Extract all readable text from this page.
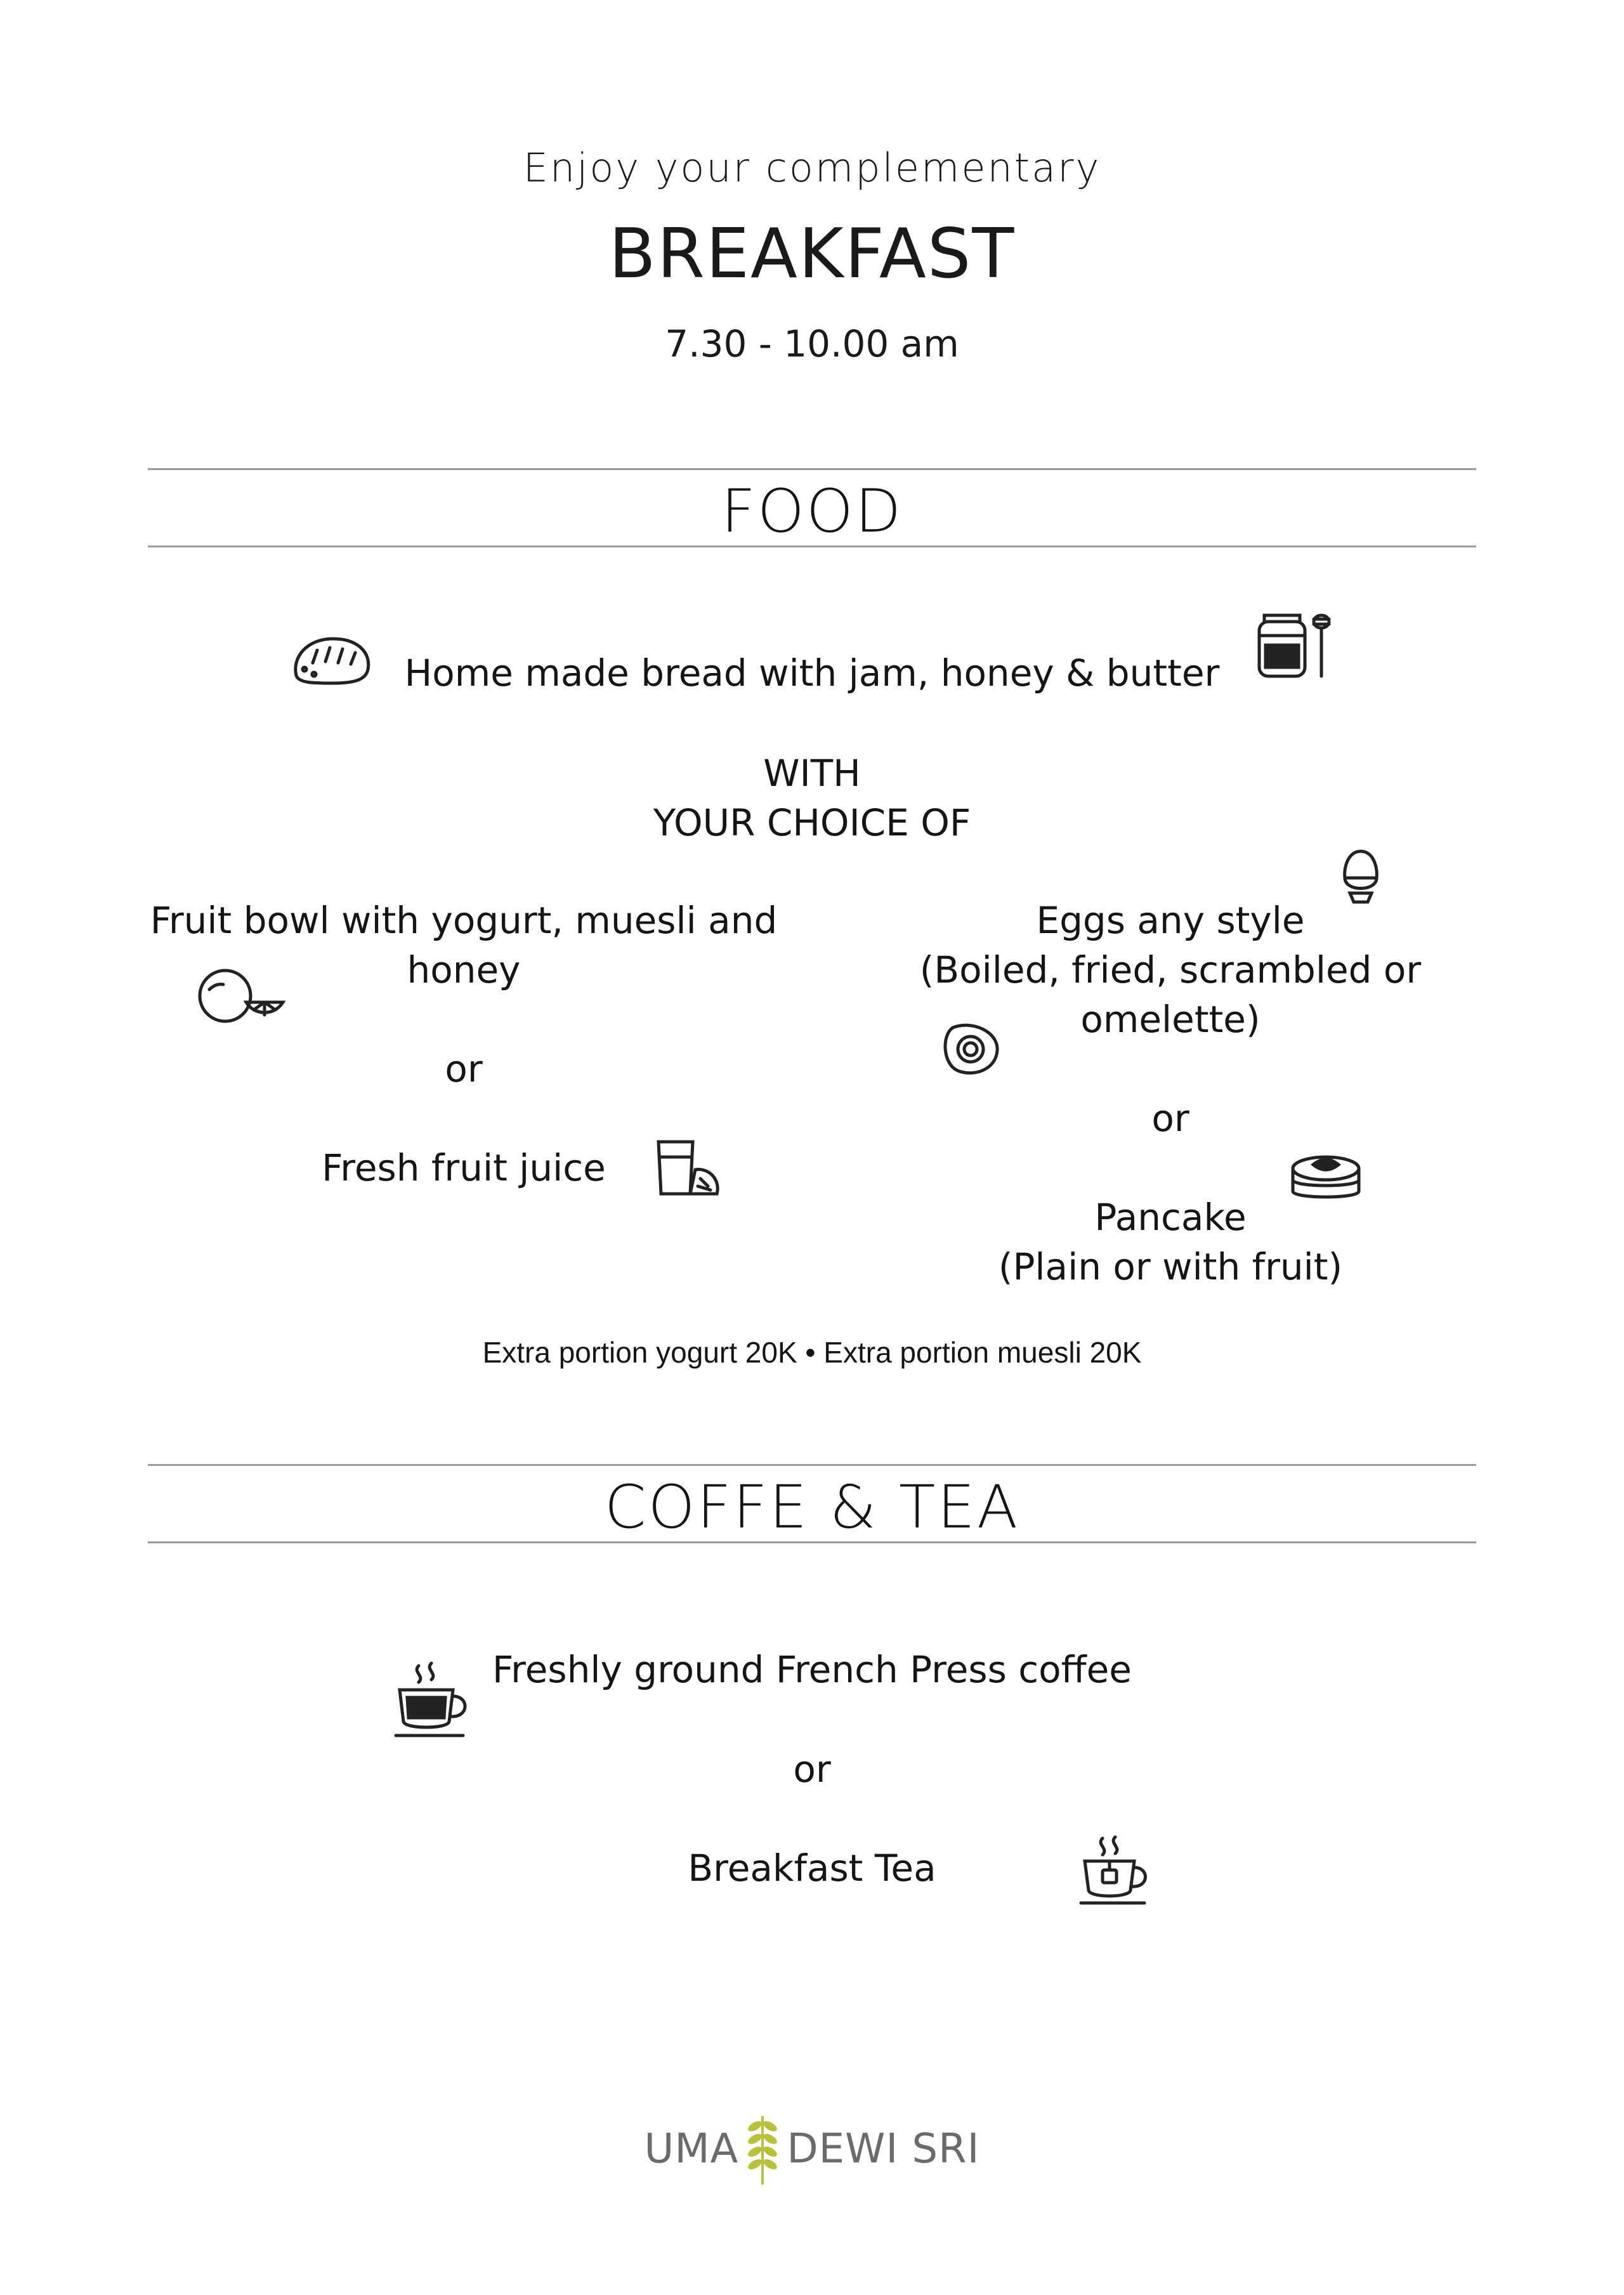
Enjoy your complementary
BREAKFAST
7.30 - 10.00 am
FOOD
Home made bread with jam, honey & butter
WITH
YOUR CHOICE OF
Fruit bowl with yogurt, muesli and
honey
or
Fresh fruit juice
Eggs any style
(Boiled, fried, scrambled or
omelette)
or
Pancake
(Plain or with fruit)
Extra portion yogurt 20K • Extra portion muesli 20K
COFFE & TEA
Freshly ground French Press coffee
or
Breakfast Tea
UMA DEWI SRI
